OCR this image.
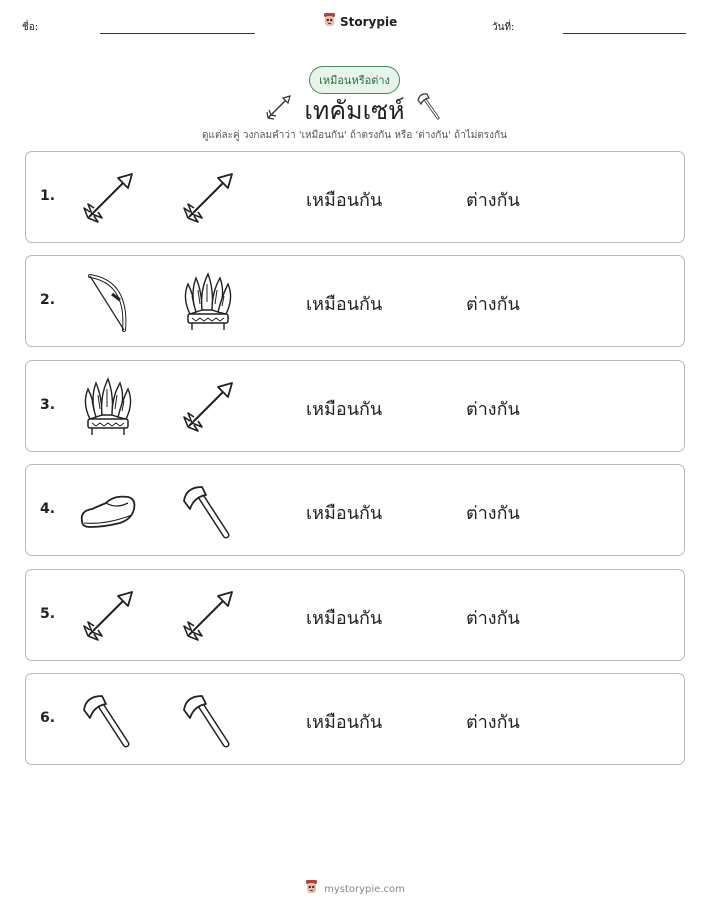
ชื่อ:	วันที่:
Storypie
เหมือนหรือต่าง
เทคัมเซห์
ดูแต่ละคู่ วงกลมคำว่า 'เหมือนกัน' ถ้าตรงกัน หรือ 'ต่างกัน' ถ้าไม่ตรงกัน
1.	เหมือนกัน	ต่างกัน
2.	เหมือนกัน	ต่างกัน
3.	เหมือนกัน	ต่างกัน
4.	เหมือนกัน	ต่างกัน
5.	เหมือนกัน	ต่างกัน
6.	เหมือนกัน	ต่างกัน
mystorypie.com
